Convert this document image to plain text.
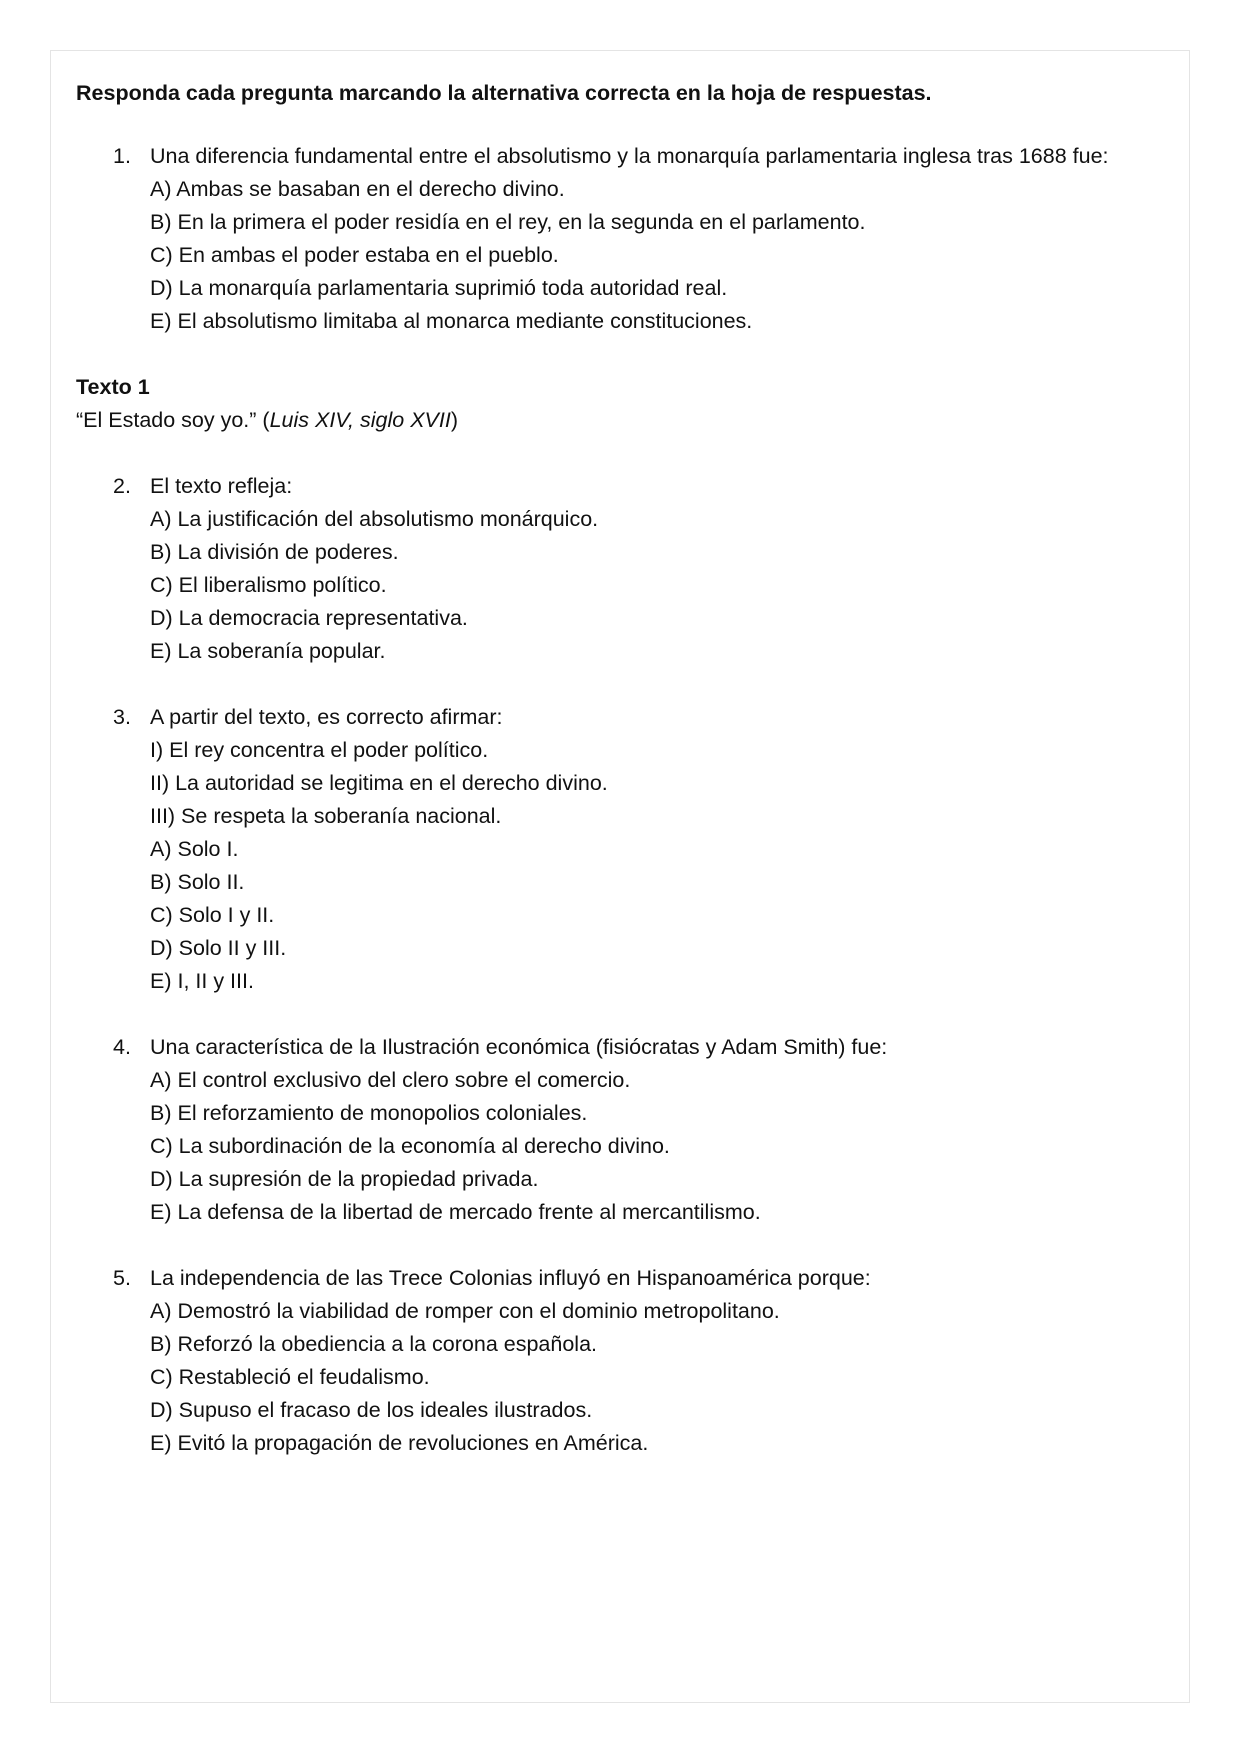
Responda cada pregunta marcando la alternativa correcta en la hoja de respuestas.

1. Una diferencia fundamental entre el absolutismo y la monarquía parlamentaria inglesa tras 1688 fue:
A) Ambas se basaban en el derecho divino.
B) En la primera el poder residía en el rey, en la segunda en el parlamento.
C) En ambas el poder estaba en el pueblo.
D) La monarquía parlamentaria suprimió toda autoridad real.
E) El absolutismo limitaba al monarca mediante constituciones.

Texto 1

“El Estado soy yo.” (Luis XIV, siglo XVII)

2. El texto refleja:
A) La justificación del absolutismo monárquico.
B) La división de poderes.
C) El liberalismo político.
D) La democracia representativa.
E) La soberanía popular.
3. A partir del texto, es correcto afirmar:
I) El rey concentra el poder político.
II) La autoridad se legitima en el derecho divino.
III) Se respeta la soberanía nacional.
A) Solo I.
B) Solo II.
C) Solo I y II.
D) Solo II y III.
E) I, II y III.
4. Una característica de la Ilustración económica (fisiócratas y Adam Smith) fue:
A) El control exclusivo del clero sobre el comercio.
B) El reforzamiento de monopolios coloniales.
C) La subordinación de la economía al derecho divino.
D) La supresión de la propiedad privada.
E) La defensa de la libertad de mercado frente al mercantilismo.
5. La independencia de las Trece Colonias influyó en Hispanoamérica porque:
A) Demostró la viabilidad de romper con el dominio metropolitano.
B) Reforzó la obediencia a la corona española.
C) Restableció el feudalismo.
D) Supuso el fracaso de los ideales ilustrados.
E) Evitó la propagación de revoluciones en América.
